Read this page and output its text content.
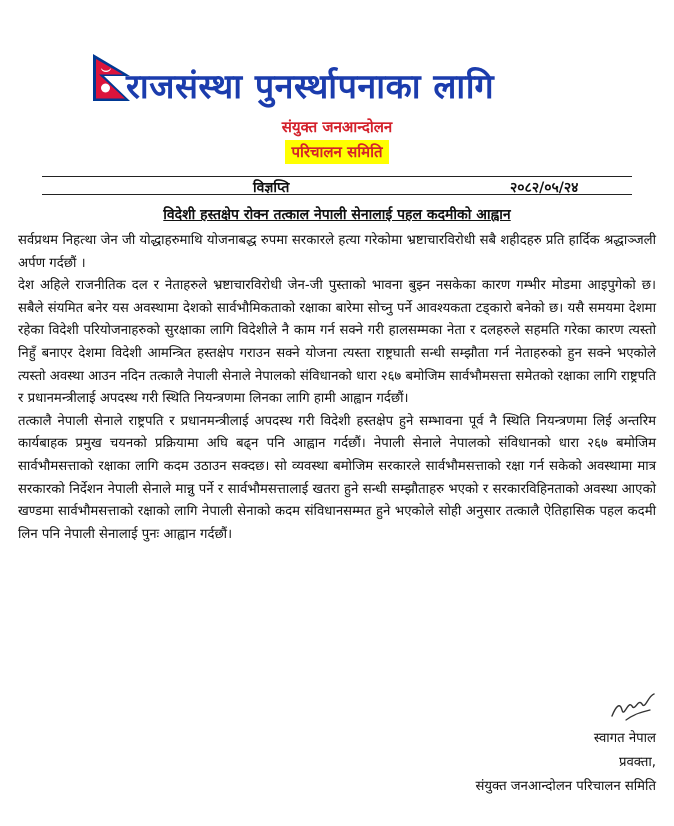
राजसंस्था पुनर्स्थापनाका लागि
संयुक्त जनआन्दोलन
परिचालन समिति
विज्ञप्ति	२०८२/०५/२४
विदेशी हस्तक्षेप रोक्न तत्काल नेपाली सेनालाई पहल कदमीको आह्वान

सर्वप्रथम निहत्था जेन जी योद्धाहरुमाथि योजनाबद्ध रुपमा सरकारले हत्या गरेकोमा भ्रष्टाचारविरोधी सबै शहीदहरु प्रति हार्दिक श्रद्धाञ्जली अर्पण गर्दछौं ।

देश अहिले राजनीतिक दल र नेताहरुले भ्रष्टाचारविरोधी जेन-जी पुस्ताको भावना बुझ्न नसकेका कारण गम्भीर मोडमा आइपुगेको छ। सबैले संयमित बनेर यस अवस्थामा देशको सार्वभौमिकताको रक्षाका बारेमा सोच्नु पर्ने आवश्यकता टड्कारो बनेको छ। यसै समयमा देशमा रहेका विदेशी परियोजनाहरुको सुरक्षाका लागि विदेशीले नै काम गर्न सक्ने गरी हालसम्मका नेता र दलहरुले सहमति गरेका कारण त्यस्तो निहुँ बनाएर देशमा विदेशी आमन्त्रित हस्तक्षेप गराउन सक्ने योजना त्यस्ता राष्ट्रघाती सन्धी सम्झौता गर्न नेताहरुको हुन सक्ने भएकोले त्यस्तो अवस्था आउन नदिन तत्कालै नेपाली सेनाले नेपालको संविधानको धारा २६७ बमोजिम सार्वभौमसत्ता समेतको रक्षाका लागि राष्ट्रपति र प्रधानमन्त्रीलाई अपदस्थ गरी स्थिति नियन्त्रणमा लिनका लागि हामी आह्वान गर्दछौं।

तत्कालै नेपाली सेनाले राष्ट्रपति र प्रधानमन्त्रीलाई अपदस्थ गरी विदेशी हस्तक्षेप हुने सम्भावना पूर्व नै स्थिति नियन्त्रणमा लिई अन्तरिम कार्यबाहक प्रमुख चयनको प्रक्रियामा अघि बढ्न पनि आह्वान गर्दछौं। नेपाली सेनाले नेपालको संविधानको धारा २६७ बमोजिम सार्वभौमसत्ताको रक्षाका लागि कदम उठाउन सक्दछ। सो व्यवस्था बमोजिम सरकारले सार्वभौमसत्ताको रक्षा गर्न सकेको अवस्थामा मात्र सरकारको निर्देशन नेपाली सेनाले मान्नु पर्ने र सार्वभौमसत्तालाई खतरा हुने सन्धी सम्झौताहरु भएको र सरकारविहिनताको अवस्था आएको खण्डमा सार्वभौमसत्ताको रक्षाको लागि नेपाली सेनाको कदम संविधानसम्मत हुने भएकोले सोही अनुसार तत्कालै ऐतिहासिक पहल कदमी लिन पनि नेपाली सेनालाई पुनः आह्वान गर्दछौं।

स्वागत नेपाल
प्रवक्ता,
संयुक्त जनआन्दोलन परिचालन समिति
